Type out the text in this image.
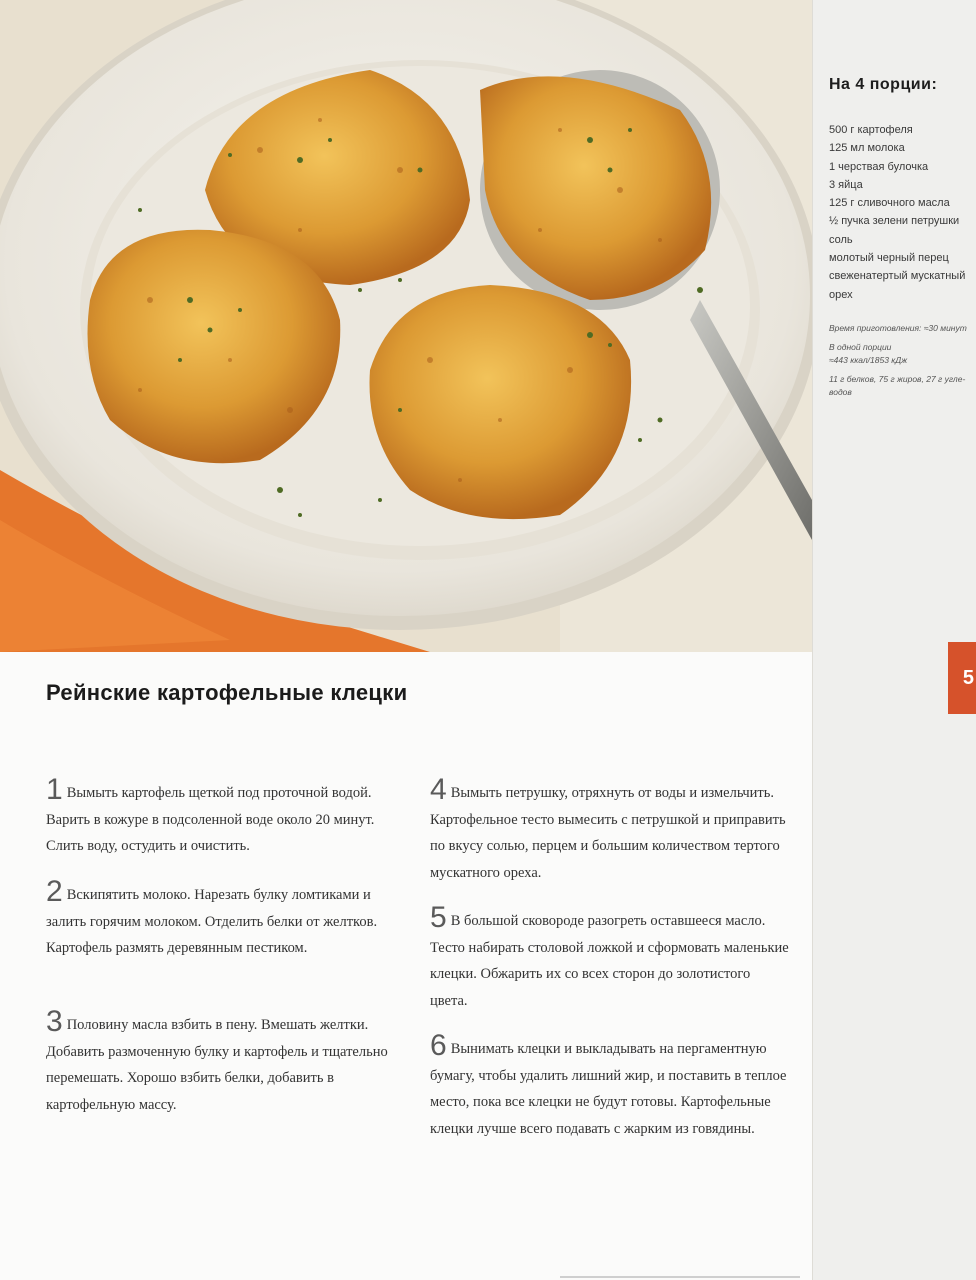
На 4 порции:
500 г картофеля
125 мл молока
1 черствая булочка
3 яйца
125 г сливочного масла
½ пучка зелени петрушки
соль
молотый черный перец
свеженатертый мускатный
орех
Время приготовления: ≈30 минут
В одной порции
≈443 ккал/1853 кДж
11 г белков, 75 г жиров, 27 г угле-
водов
5
Рейнские картофельные клецки
1 Вымыть картофель щеткой под проточной водой. Варить в кожуре в подсоленной воде около 20 минут. Слить воду, остудить и очистить.
2 Вскипятить молоко. Нарезать булку ломтиками и залить горячим молоком. Отделить белки от желтков. Картофель размять деревянным пестиком.
3 Половину масла взбить в пену. Вмешать желтки. Добавить размоченную булку и картофель и тщательно перемешать. Хорошо взбить белки, добавить в картофельную массу.
4 Вымыть петрушку, отряхнуть от воды и измельчить. Картофельное тесто вымесить с петрушкой и приправить по вкусу солью, перцем и большим количеством тертого мускатного ореха.
5 В большой сковороде разогреть оставшееся масло. Тесто набирать столовой ложкой и сформовать маленькие клецки. Обжарить их со всех сторон до золотистого цвета.
6 Вынимать клецки и выкладывать на пергаментную бумагу, чтобы удалить лишний жир, и поставить в теплое место, пока все клецки не будут готовы. Картофельные клецки лучше всего подавать с жарким из говядины.
